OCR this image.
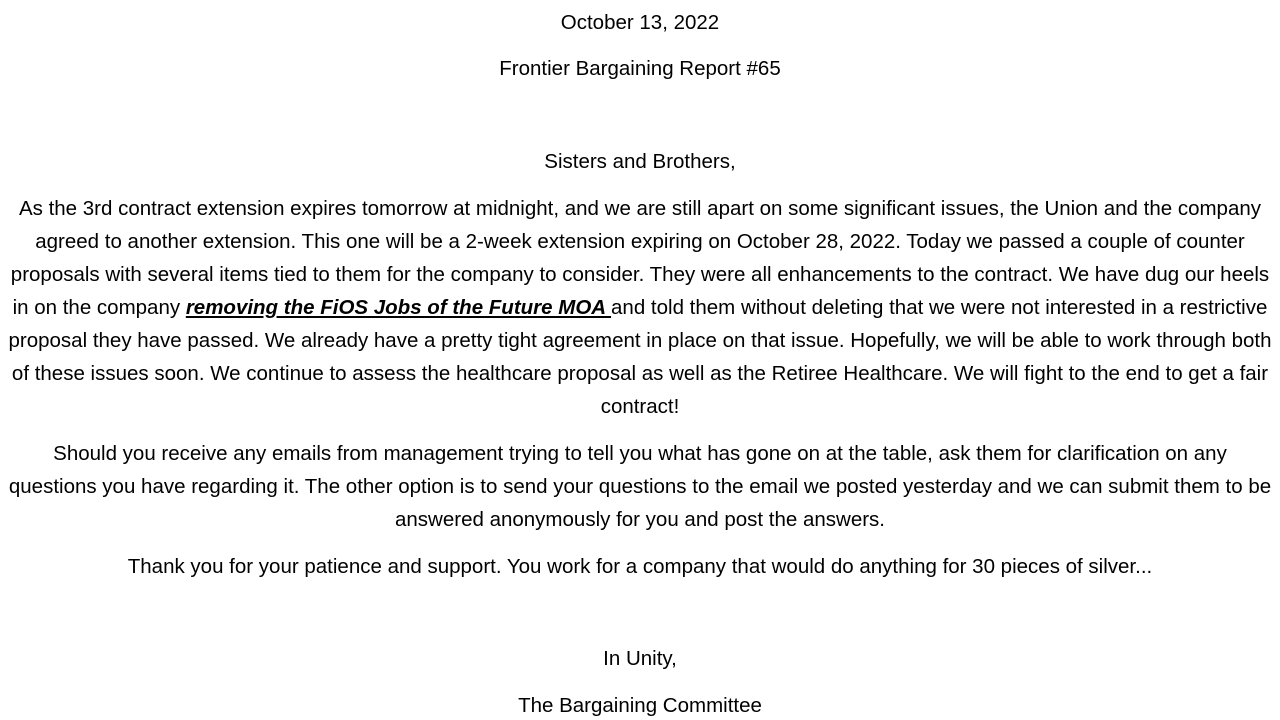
October 13, 2022

Frontier Bargaining Report #65

Sisters and Brothers,

As the 3rd contract extension expires tomorrow at midnight, and we are still apart on some significant issues, the Union and the company agreed to another extension. This one will be a 2-week extension expiring on October 28, 2022. Today we passed a couple of counter proposals with several items tied to them for the company to consider. They were all enhancements to the contract. We have dug our heels in on the company removing the FiOS Jobs of the Future MOA and told them without deleting that we were not interested in a restrictive proposal they have passed. We already have a pretty tight agreement in place on that issue. Hopefully, we will be able to work through both of these issues soon. We continue to assess the healthcare proposal as well as the Retiree Healthcare. We will fight to the end to get a fair contract!

Should you receive any emails from management trying to tell you what has gone on at the table, ask them for clarification on any questions you have regarding it. The other option is to send your questions to the email we posted yesterday and we can submit them to be answered anonymously for you and post the answers.

Thank you for your patience and support. You work for a company that would do anything for 30 pieces of silver...

In Unity,

The Bargaining Committee
